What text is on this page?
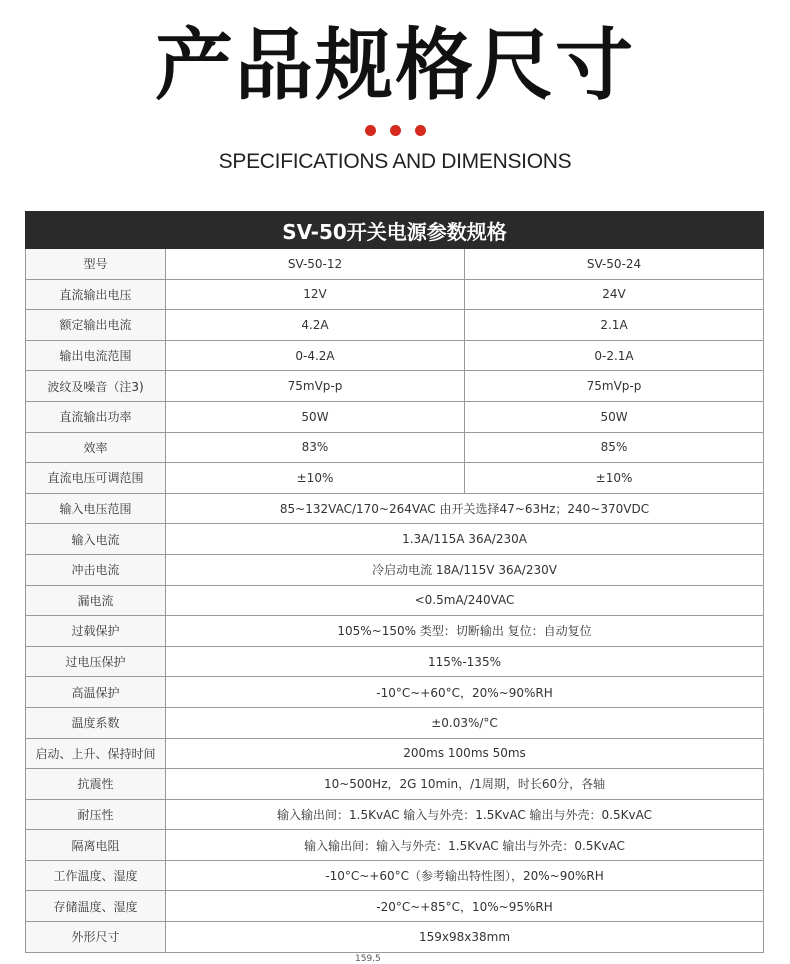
产品规格尺寸
SPECIFICATIONS AND DIMENSIONS
SV-50开关电源参数规格		
型号	SV-50-12	SV-50-24
直流输出电压	12V	24V
额定输出电流	4.2A	2.1A
输出电流范围	0-4.2A	0-2.1A
波纹及噪音（注3)	75mVp-p	75mVp-p
直流输出功率	50W	50W
效率	83%	85%
直流电压可调范围	±10%	±10%
输入电压范围	85~132VAC/170~264VAC 由开关选择47~63Hz；240~370VDC	
输入电流	1.3A/115A 36A/230A	
冲击电流	冷启动电流 18A/115V 36A/230V	
漏电流	<0.5mA/240VAC	
过载保护	105%~150% 类型：切断输出 复位：自动复位	
过电压保护	115%-135%	
高温保护	-10°C~+60°C，20%~90%RH	
温度系数	±0.03%/°C	
启动、上升、保持时间	200ms 100ms 50ms	
抗震性	10~500Hz，2G 10min，/1周期，时长60分，各轴	
耐压性	输入输出间：1.5KvAC 输入与外壳：1.5KvAC 输出与外壳：0.5KvAC	
隔离电阻	输入输出间：输入与外壳：1.5KvAC 输出与外壳：0.5KvAC	
工作温度、湿度	-10°C~+60°C（参考输出特性图），20%~90%RH	
存储温度、湿度	-20°C~+85°C，10%~95%RH	
外形尺寸	159x98x38mm	
159.5
